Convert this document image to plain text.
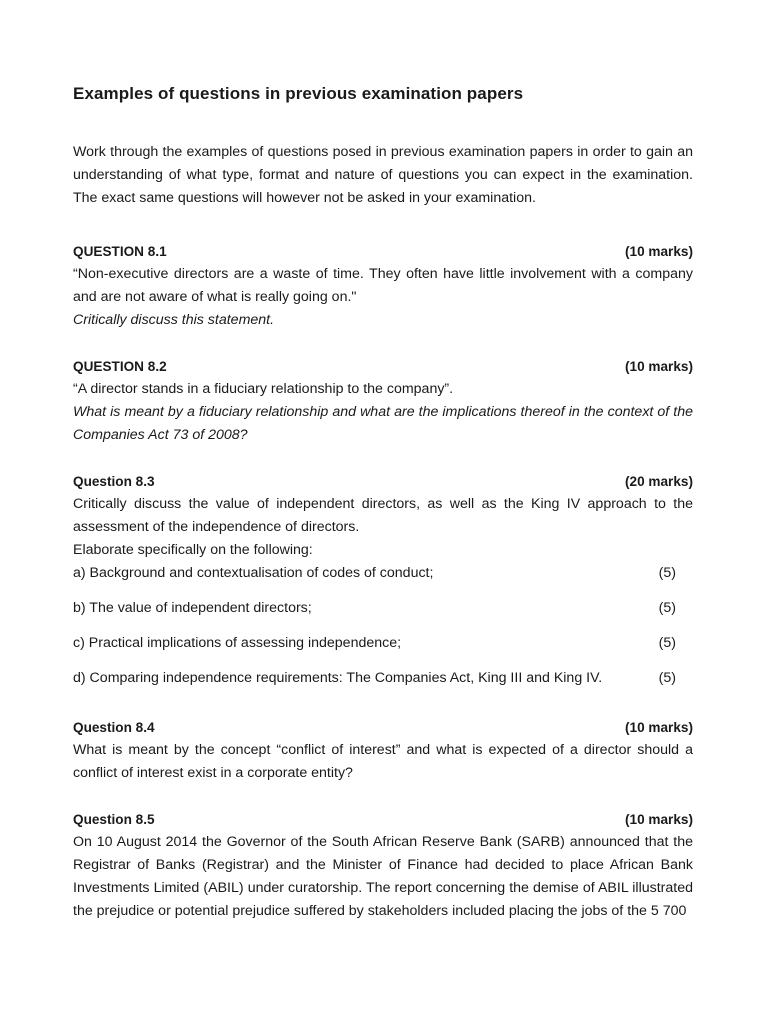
Examples of questions in previous examination papers
Work through the examples of questions posed in previous examination papers in order to gain an understanding of what type, format and nature of questions you can expect in the examination. The exact same questions will however not be asked in your examination.
QUESTION 8.1	(10 marks)
“Non-executive directors are a waste of time. They often have little involvement with a company and are not aware of what is really going on."
Critically discuss this statement.
QUESTION 8.2	(10 marks)
“A director stands in a fiduciary relationship to the company”.
What is meant by a fiduciary relationship and what are the implications thereof in the context of the Companies Act 73 of 2008?
Question 8.3	(20 marks)
Critically discuss the value of independent directors, as well as the King IV approach to the assessment of the independence of directors.
Elaborate specifically on the following:
a) Background and contextualisation of codes of conduct;	(5)
b) The value of independent directors;	(5)
c) Practical implications of assessing independence;	(5)
d) Comparing independence requirements: The Companies Act, King III and King IV.	(5)
Question 8.4	(10 marks)
What is meant by the concept “conflict of interest” and what is expected of a director should a conflict of interest exist in a corporate entity?
Question 8.5	(10 marks)
On 10 August 2014 the Governor of the South African Reserve Bank (SARB) announced that the Registrar of Banks (Registrar) and the Minister of Finance had decided to place African Bank Investments Limited (ABIL) under curatorship. The report concerning the demise of ABIL illustrated the prejudice or potential prejudice suffered by stakeholders included placing the jobs of the 5 700
